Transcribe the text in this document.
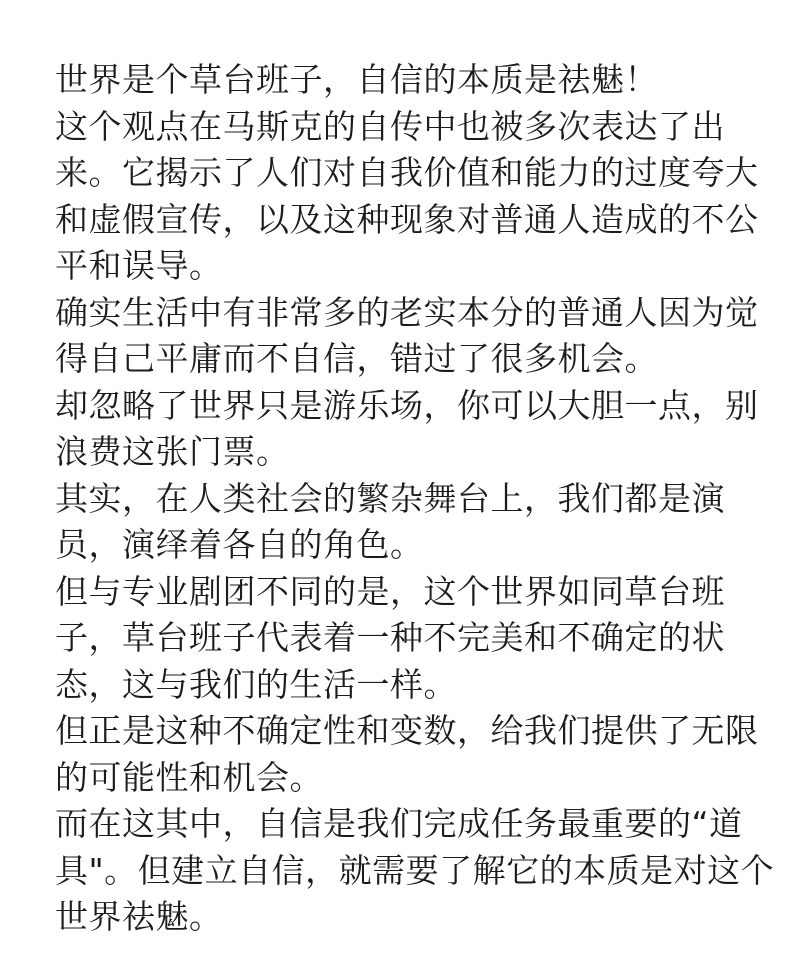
世界是个草台班子，自信的本质是祛魅！
这个观点在马斯克的自传中也被多次表达了出
来。它揭示了人们对自我价值和能力的过度夸大
和虚假宣传，以及这种现象对普通人造成的不公
平和误导。
确实生活中有非常多的老实本分的普通人因为觉
得自己平庸而不自信，错过了很多机会。
却忽略了世界只是游乐场，你可以大胆一点，别
浪费这张门票。
其实，在人类社会的繁杂舞台上，我们都是演
员，演绎着各自的角色。
但与专业剧团不同的是，这个世界如同草台班
子，草台班子代表着一种不完美和不确定的状
态，这与我们的生活一样。
但正是这种不确定性和变数，给我们提供了无限
的可能性和机会。
而在这其中，自信是我们完成任务最重要的“道
具"。但建立自信，就需要了解它的本质是对这个
世界祛魅。
